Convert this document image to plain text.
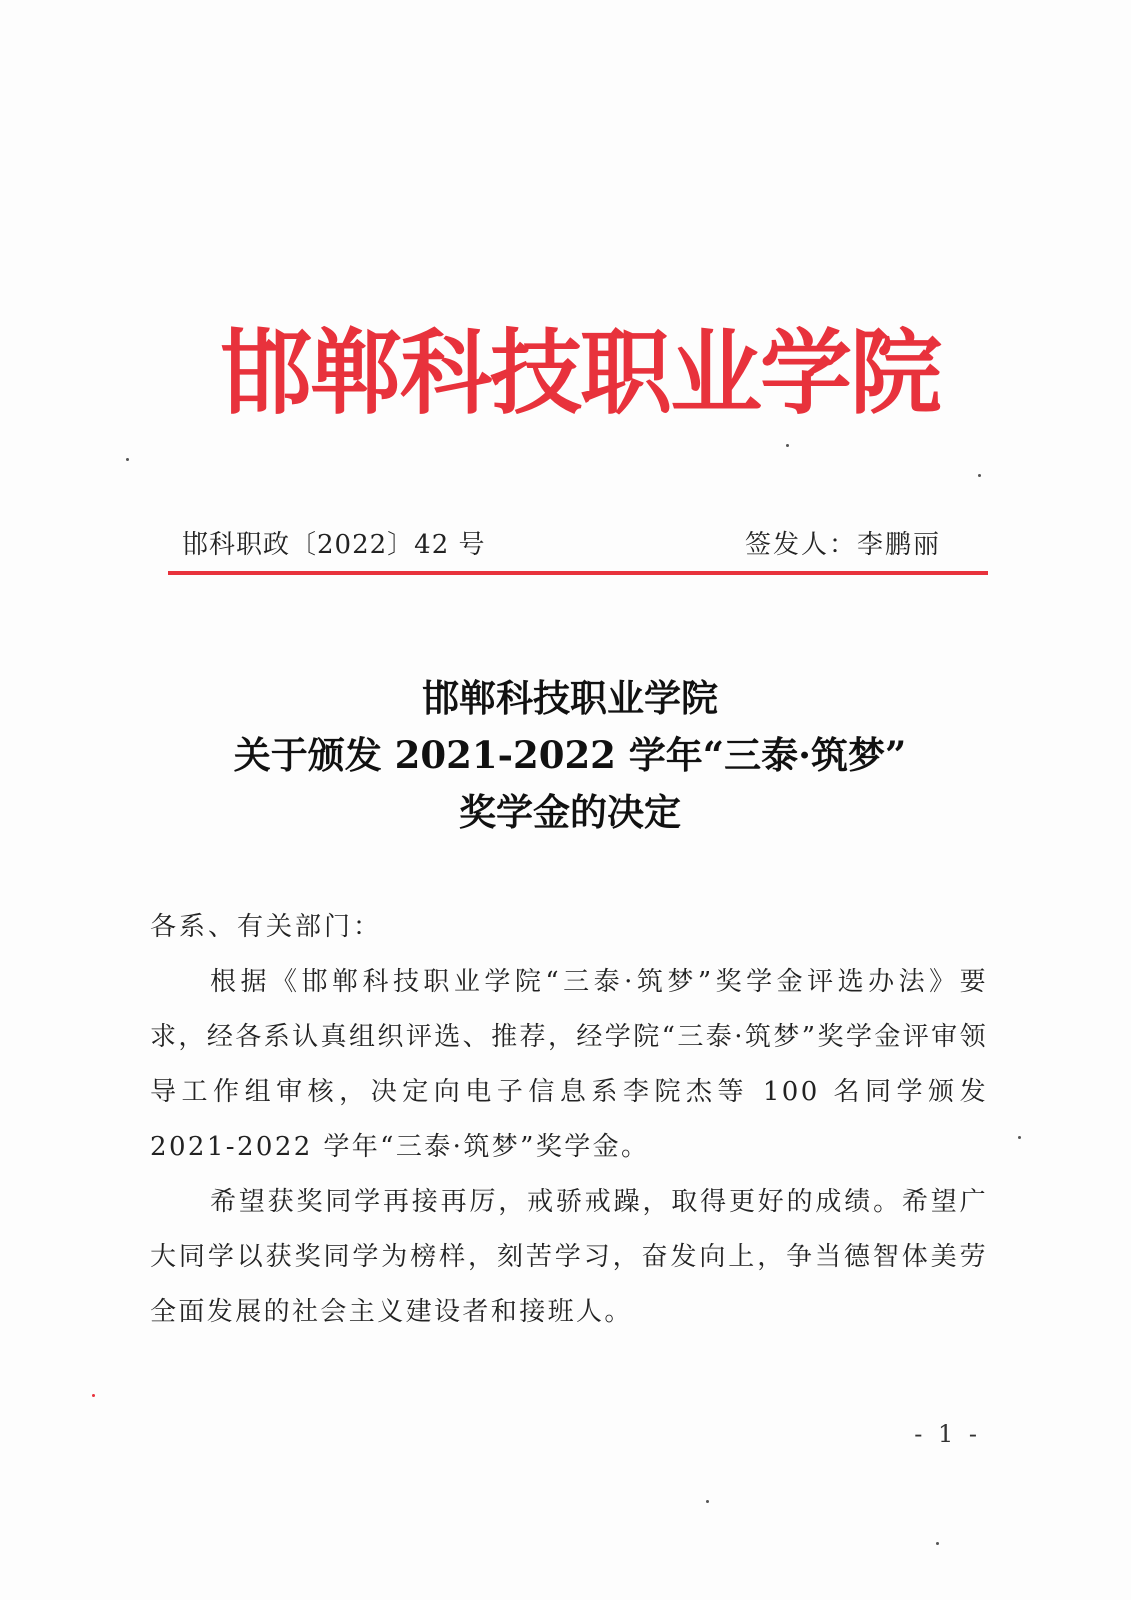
邯郸科技职业学院
邯科职政〔2022〕42 号	签发人：李鹏丽
邯郸科技职业学院
关于颁发 2021-2022 学年“三泰·筑梦”
奖学金的决定
各系、有关部门：

根据《邯郸科技职业学院“三泰·筑梦”奖学金评选办法》要求，经各系认真组织评选、推荐，经学院“三泰·筑梦”奖学金评审领导工作组审核，决定向电子信息系李院杰等 100 名同学颁发 2021-2022 学年“三泰·筑梦”奖学金。

希望获奖同学再接再厉，戒骄戒躁，取得更好的成绩。希望广大同学以获奖同学为榜样，刻苦学习，奋发向上，争当德智体美劳全面发展的社会主义建设者和接班人。

- 1 -
